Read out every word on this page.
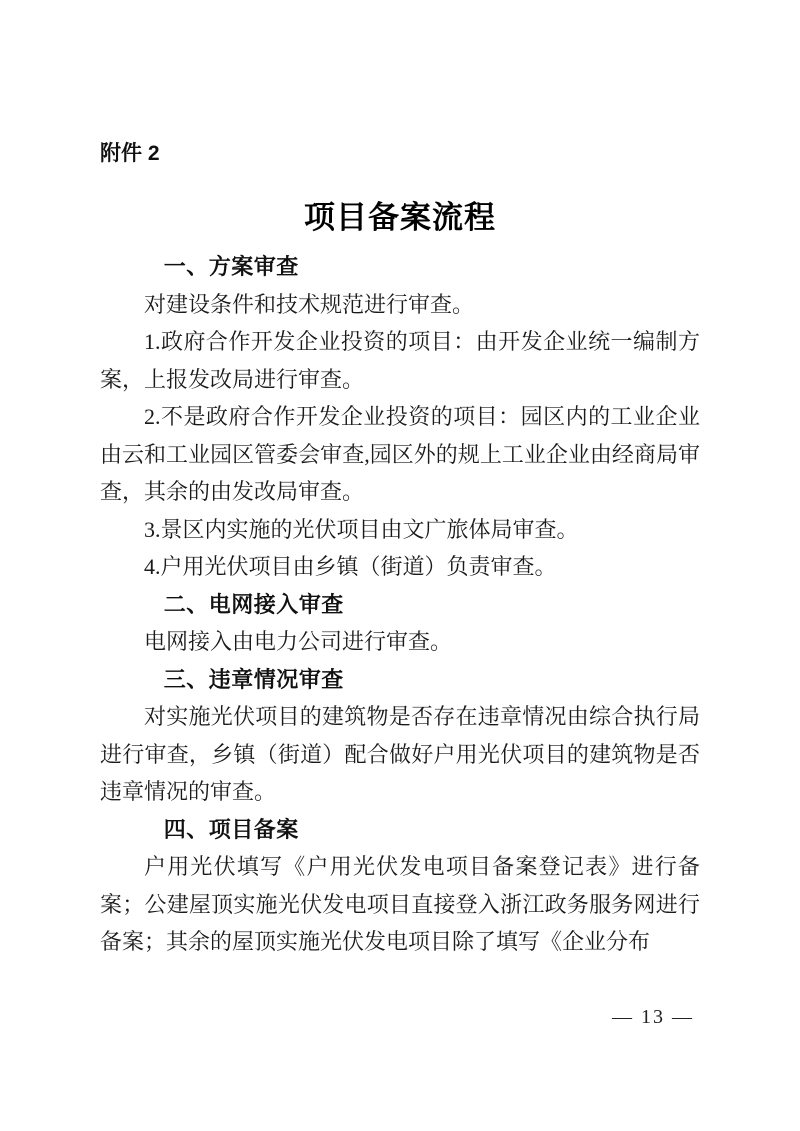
附件 2
项目备案流程
一、方案审查

对建设条件和技术规范进行审查。

1.政府合作开发企业投资的项目：由开发企业统一编制方案，上报发改局进行审查。

2.不是政府合作开发企业投资的项目：园区内的工业企业由云和工业园区管委会审查,园区外的规上工业企业由经商局审查，其余的由发改局审查。

3.景区内实施的光伏项目由文广旅体局审查。

4.户用光伏项目由乡镇（街道）负责审查。

二、电网接入审查

电网接入由电力公司进行审查。

三、违章情况审查

对实施光伏项目的建筑物是否存在违章情况由综合执行局进行审查，乡镇（街道）配合做好户用光伏项目的建筑物是否违章情况的审查。

四、项目备案

户用光伏填写《户用光伏发电项目备案登记表》进行备案；公建屋顶实施光伏发电项目直接登入浙江政务服务网进行备案；其余的屋顶实施光伏发电项目除了填写《企业分布

— 13 —
